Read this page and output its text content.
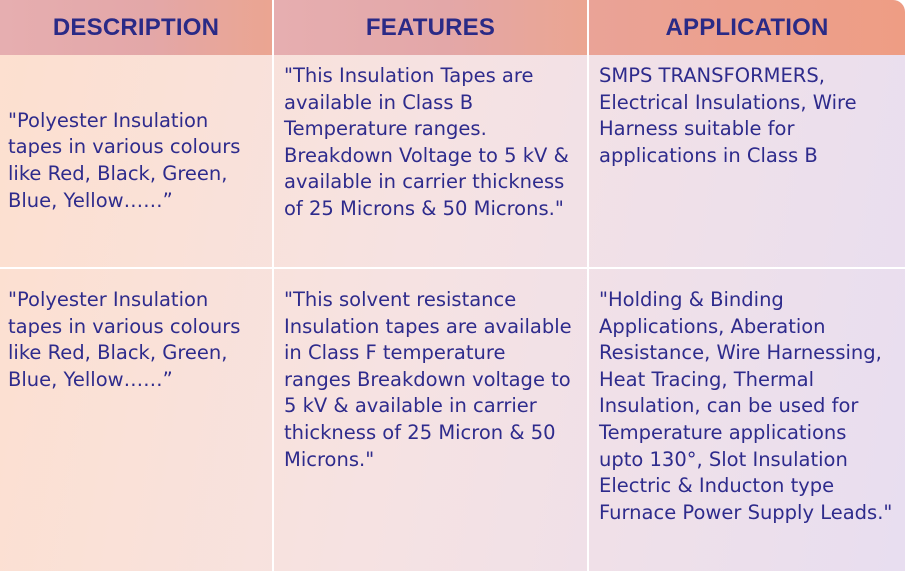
DESCRIPTION	FEATURES	APPLICATION
"Polyester Insulation tapes in various colours like Red, Black, Green, Blue, Yellow……”	"This Insulation Tapes are available in Class B Temperature ranges. Breakdown Voltage to 5 kV & available in carrier thickness of 25 Microns & 50 Microns."	SMPS TRANSFORMERS, Electrical Insulations, Wire Harness suitable for applications in Class B
"Polyester Insulation tapes in various colours like Red, Black, Green, Blue, Yellow……”	"This solvent resistance Insulation tapes are available in Class F temperature ranges Breakdown voltage to 5 kV & available in carrier thickness of 25 Micron & 50 Microns."	"Holding & Binding Applications, Aberation Resistance, Wire Harnessing, Heat Tracing, Thermal Insulation, can be used for Temperature applications upto 130°, Slot Insulation Electric & Inducton type Furnace Power Supply Leads."
